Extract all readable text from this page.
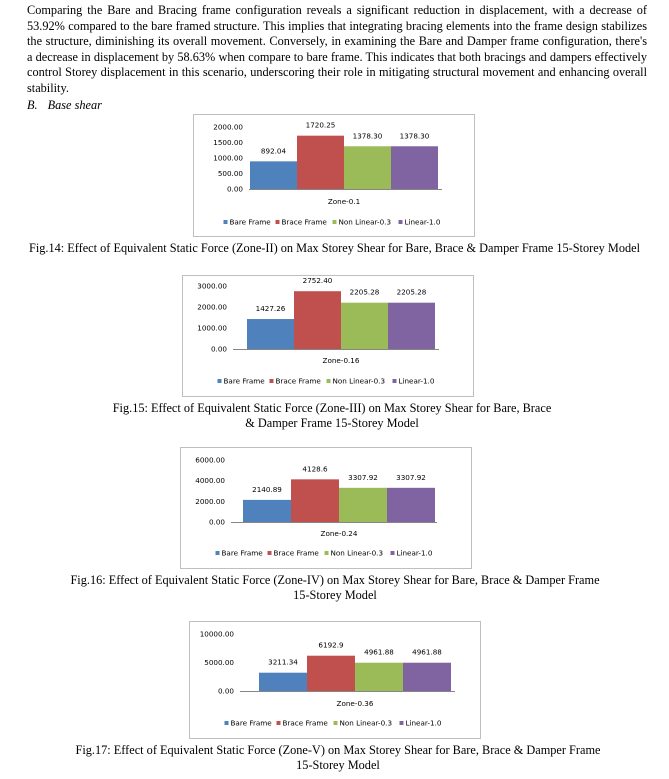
Comparing the Bare and Bracing frame configuration reveals a significant reduction in displacement, with a decrease of 53.92% compared to the bare framed structure. This implies that integrating bracing elements into the frame design stabilizes the structure, diminishing its overall movement. Conversely, in examining the Bare and Damper frame configuration, there's a decrease in displacement by 58.63% when compare to bare frame. This indicates that both bracings and dampers effectively control Storey displacement in this scenario, underscoring their role in mitigating structural movement and enhancing overall stability.

B. Base shear

0.00
500.00
1000.00
1500.00
2000.00
892.04
1720.25
1378.30 1378.30
Zone-0.1
Bare Frame Brace Frame Non Linear-0.3 Linear-1.0

Fig.14: Effect of Equivalent Static Force (Zone-II) on Max Storey Shear for Bare, Brace & Damper Frame 15-Storey Model

0.00
1000.00
2000.00
3000.00
1427.26
2752.40
2205.28 2205.28
Zone-0.16
Bare Frame Brace Frame Non Linear-0.3 Linear-1.0

Fig.15: Effect of Equivalent Static Force (Zone-III) on Max Storey Shear for Bare, Brace & Damper Frame 15-Storey Model

0.00
2000.00
4000.00
6000.00
2140.89
4128.6
3307.92	3307.92
Zone-0.24
Bare Frame Brace Frame Non Linear-0.3 Linear-1.0

Fig.16: Effect of Equivalent Static Force (Zone-IV) on Max Storey Shear for Bare, Brace & Damper Frame 15-Storey Model

0.00
5000.00
10000.00
3211.34
6192.9
4961.88	4961.88
Zone-0.36
Bare Frame Brace Frame Non Linear-0.3 Linear-1.0

Fig.17: Effect of Equivalent Static Force (Zone-V) on Max Storey Shear for Bare, Brace & Damper Frame 15-Storey Model
